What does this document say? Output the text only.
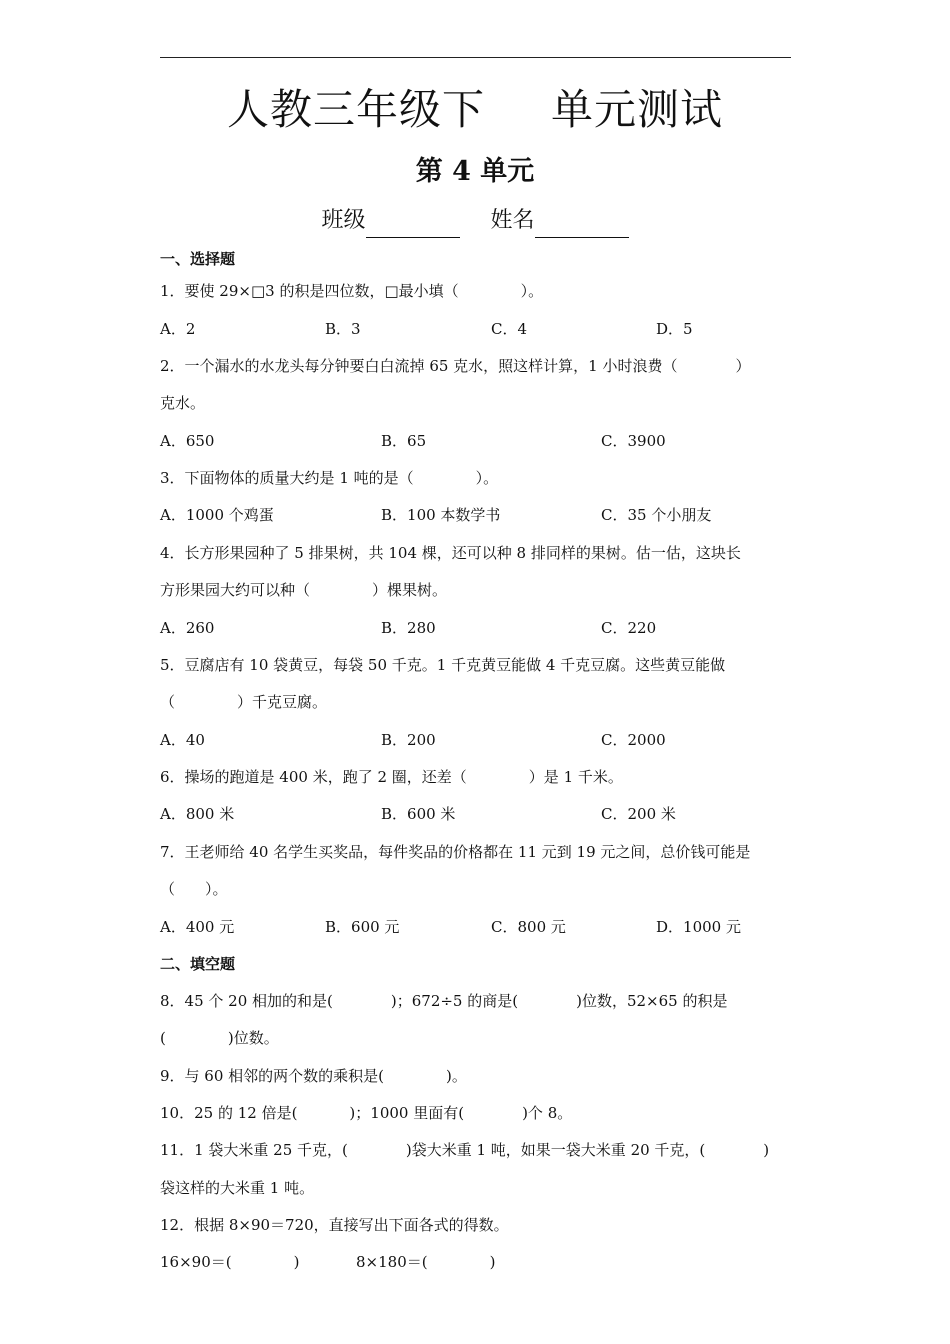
人教三年级下 单元测试
第 4 单元
班级	姓名
一、选择题
1．要使 29×□3 的积是四位数，□最小填（	）。
A．2	B．3	C．4	D．5
2．一个漏水的水龙头每分钟要白白流掉 65 克水，照这样计算，1 小时浪费（	）
克水。
A．650	B．65	C．3900
3．下面物体的质量大约是 1 吨的是（	）。
A．1000 个鸡蛋	B．100 本数学书	C．35 个小朋友
4．长方形果园种了 5 排果树，共 104 棵，还可以种 8 排同样的果树。估一估，这块长
方形果园大约可以种（	）棵果树。
A．260	B．280	C．220
5．豆腐店有 10 袋黄豆，每袋 50 千克。1 千克黄豆能做 4 千克豆腐。这些黄豆能做
（	）千克豆腐。
A．40	B．200	C．2000
6．操场的跑道是 400 米，跑了 2 圈，还差（	）是 1 千米。
A．800 米	B．600 米	C．200 米
7．王老师给 40 名学生买奖品，每件奖品的价格都在 11 元到 19 元之间，总价钱可能是
（ ）。
A．400 元	B．600 元	C．800 元	D．1000 元
二、填空题
8．45 个 20 相加的和是(	)；672÷5 的商是(	)位数，52×65 的积是
(	)位数。
9．与 60 相邻的两个数的乘积是(	)。
10．25 的 12 倍是(	)；1000 里面有(	)个 8。
11．1 袋大米重 25 千克，(	)袋大米重 1 吨，如果一袋大米重 20 千克，(	)
袋这样的大米重 1 吨。
12．根据 8×90＝720，直接写出下面各式的得数。
16×90＝(	)	8×180＝(	)
